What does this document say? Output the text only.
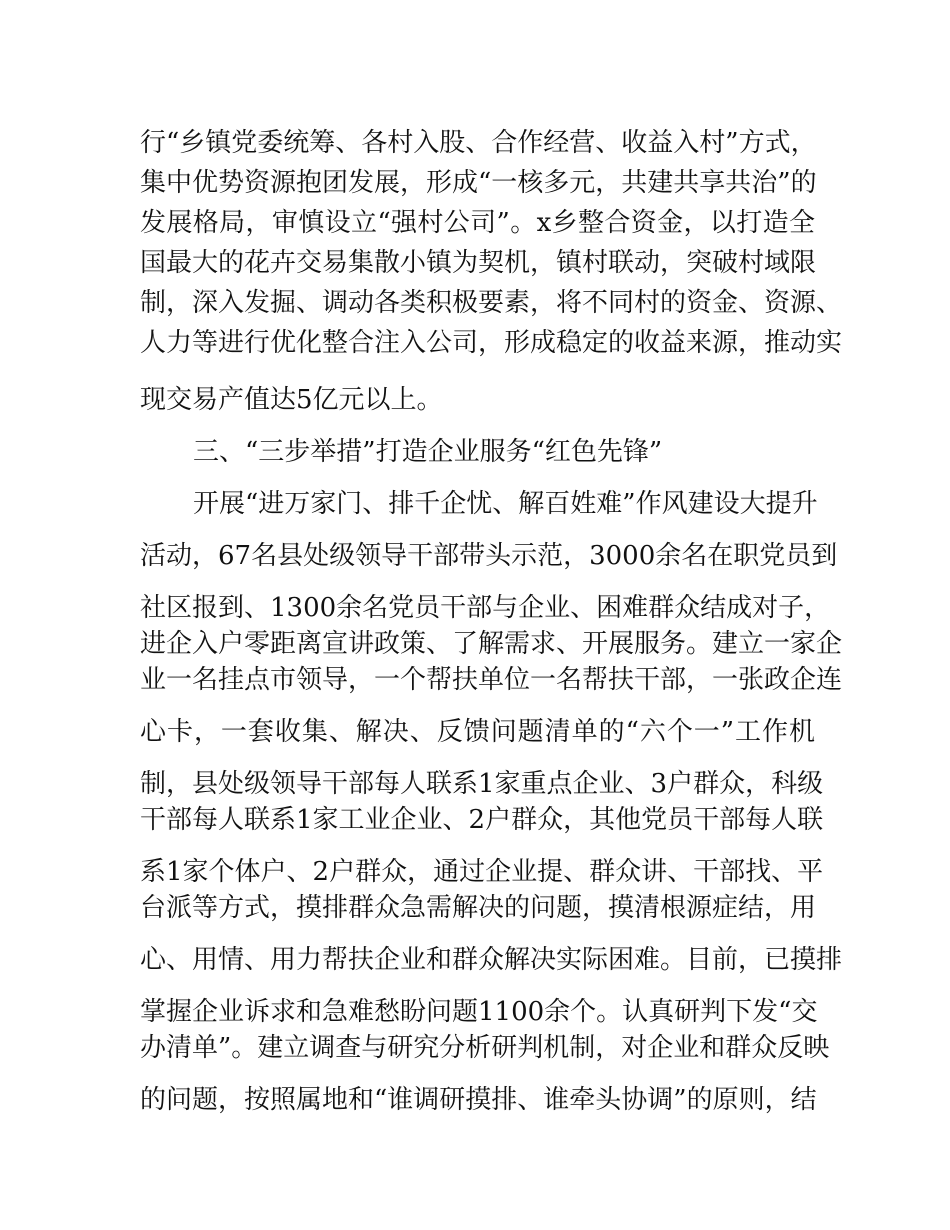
行“乡镇党委统筹、各村入股、合作经营、收益入村”方式，
集中优势资源抱团发展，形成“一核多元，共建共享共治”的
发展格局，审慎设立“强村公司”。x乡整合资金，以打造全
国最大的花卉交易集散小镇为契机，镇村联动，突破村域限
制，深入发掘、调动各类积极要素，将不同村的资金、资源、
人力等进行优化整合注入公司，形成稳定的收益来源，推动实
现交易产值达5亿元以上。
三、“三步举措”打造企业服务“红色先锋”
开展“进万家门、排千企忧、解百姓难”作风建设大提升
活动，67名县处级领导干部带头示范，3000余名在职党员到
社区报到、1300余名党员干部与企业、困难群众结成对子，
进企入户零距离宣讲政策、了解需求、开展服务。建立一家企
业一名挂点市领导，一个帮扶单位一名帮扶干部，一张政企连
心卡，一套收集、解决、反馈问题清单的“六个一”工作机
制，县处级领导干部每人联系1家重点企业、3户群众，科级
干部每人联系1家工业企业、2户群众，其他党员干部每人联
系1家个体户、2户群众，通过企业提、群众讲、干部找、平
台派等方式，摸排群众急需解决的问题，摸清根源症结，用
心、用情、用力帮扶企业和群众解决实际困难。目前，已摸排
掌握企业诉求和急难愁盼问题1100余个。认真研判下发“交
办清单”。建立调查与研究分析研判机制，对企业和群众反映
的问题，按照属地和“谁调研摸排、谁牵头协调”的原则，结
